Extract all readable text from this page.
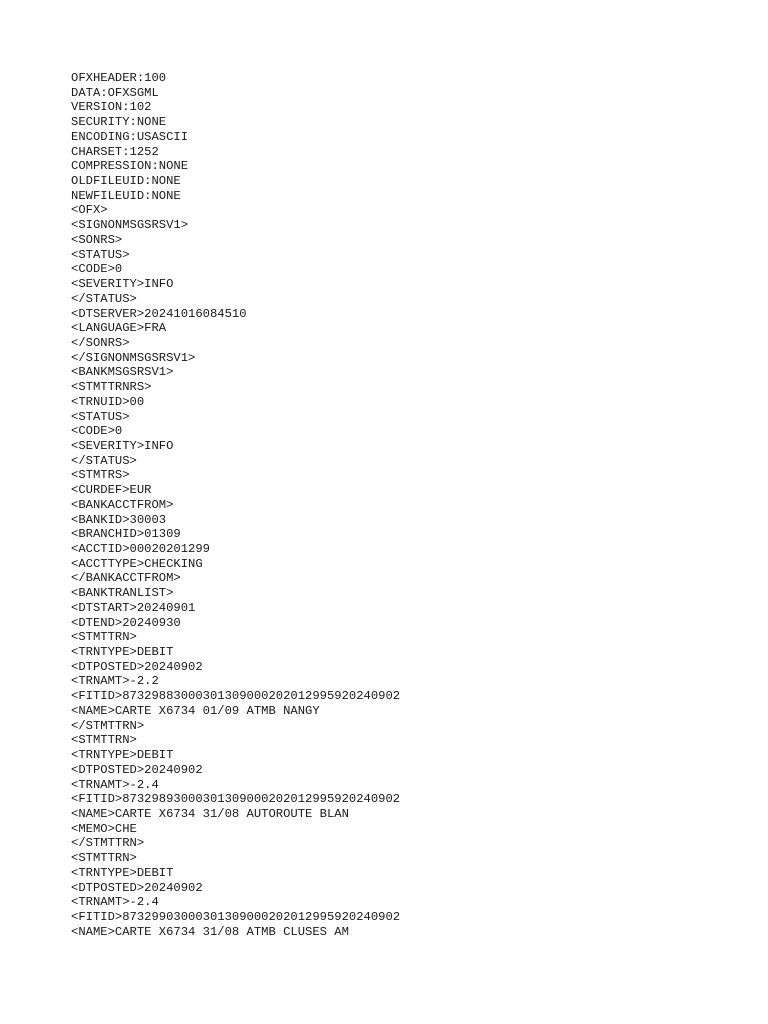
OFXHEADER:100
DATA:OFXSGML
VERSION:102
SECURITY:NONE
ENCODING:USASCII
CHARSET:1252
COMPRESSION:NONE
OLDFILEUID:NONE
NEWFILEUID:NONE
<OFX>
<SIGNONMSGSRSV1>
<SONRS>
<STATUS>
<CODE>0
<SEVERITY>INFO
</STATUS>
<DTSERVER>20241016084510
<LANGUAGE>FRA
</SONRS>
</SIGNONMSGSRSV1>
<BANKMSGSRSV1>
<STMTTRNRS>
<TRNUID>00
<STATUS>
<CODE>0
<SEVERITY>INFO
</STATUS>
<STMTRS>
<CURDEF>EUR
<BANKACCTFROM>
<BANKID>30003
<BRANCHID>01309
<ACCTID>00020201299
<ACCTTYPE>CHECKING
</BANKACCTFROM>
<BANKTRANLIST>
<DTSTART>20240901
<DTEND>20240930
<STMTTRN>
<TRNTYPE>DEBIT
<DTPOSTED>20240902
<TRNAMT>-2.2
<FITID>87329883000301309000202012995920240902
<NAME>CARTE X6734 01/09 ATMB NANGY
</STMTTRN>
<STMTTRN>
<TRNTYPE>DEBIT
<DTPOSTED>20240902
<TRNAMT>-2.4
<FITID>87329893000301309000202012995920240902
<NAME>CARTE X6734 31/08 AUTOROUTE BLAN
<MEMO>CHE
</STMTTRN>
<STMTTRN>
<TRNTYPE>DEBIT
<DTPOSTED>20240902
<TRNAMT>-2.4
<FITID>87329903000301309000202012995920240902
<NAME>CARTE X6734 31/08 ATMB CLUSES AM
